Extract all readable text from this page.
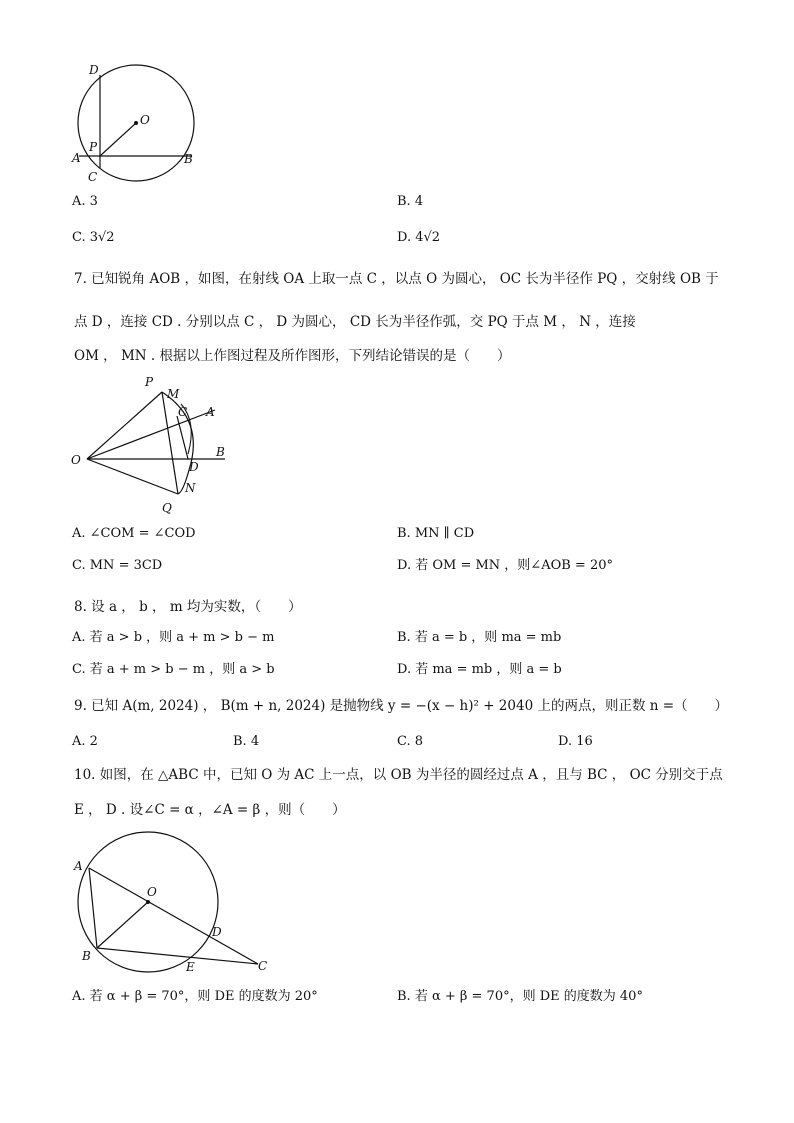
D
O
P
A	B
C
A. 3	B. 4
C. 3√2	D. 4√2
7. 已知锐角 AOB ，如图，在射线 OA 上取一点 C ，以点 O 为圆心， OC 长为半径作 PQ ，交射线 OB 于
点 D ，连接 CD . 分别以点 C ， D 为圆心， CD 长为半径作弧，交 PQ 于点 M ， N ，连接
OM ， MN . 根据以上作图过程及所作图形，下列结论错误的是（　　）
P
M
C A
O
B
D
N
Q
A. ∠COM = ∠COD	B. MN ∥ CD
C. MN = 3CD	D. 若 OM = MN ，则∠AOB = 20°
8. 设 a ， b ， m 均为实数，（　　）
A. 若 a > b ，则 a + m > b − m	B. 若 a = b ，则 ma = mb
C. 若 a + m > b − m ，则 a > b	D. 若 ma = mb ，则 a = b
9. 已知 A(m, 2024) ， B(m + n, 2024) 是抛物线 y = −(x − h)² + 2040 上的两点，则正数 n =（　　）
A. 2	B. 4	C. 8	D. 16
10. 如图，在 △ABC 中，已知 O 为 AC 上一点，以 OB 为半径的圆经过点 A ，且与 BC ， OC 分别交于点
E ， D . 设∠C = α ，∠A = β ，则（　　）
A
O
D
B
E	C
A. 若 α + β = 70°，则 DE 的度数为 20°	B. 若 α + β = 70°，则 DE 的度数为 40°
